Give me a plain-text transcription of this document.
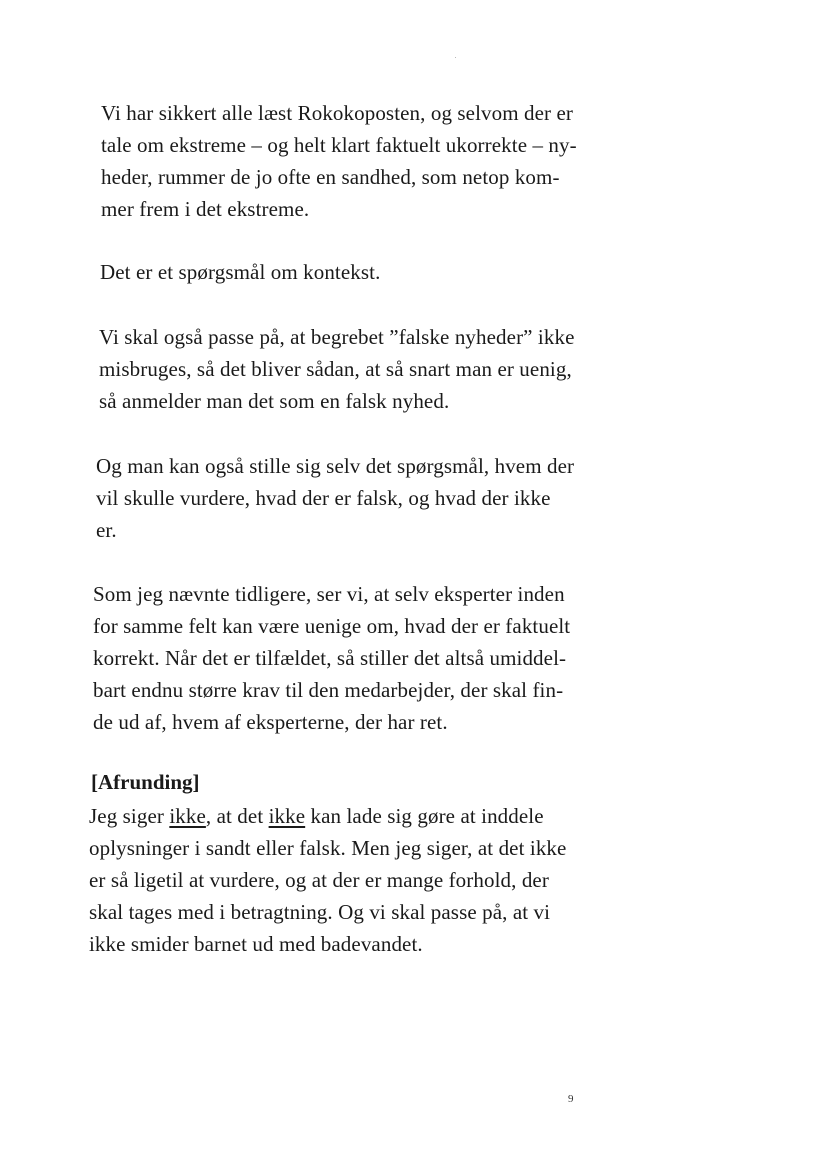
Vi har sikkert alle læst Rokokoposten, og selvom der er
tale om ekstreme – og helt klart faktuelt ukorrekte – ny-
heder, rummer de jo ofte en sandhed, som netop kom-
mer frem i det ekstreme.

Det er et spørgsmål om kontekst.

Vi skal også passe på, at begrebet ”falske nyheder” ikke
misbruges, så det bliver sådan, at så snart man er uenig,
så anmelder man det som en falsk nyhed.

Og man kan også stille sig selv det spørgsmål, hvem der
vil skulle vurdere, hvad der er falsk, og hvad der ikke
er.

Som jeg nævnte tidligere, ser vi, at selv eksperter inden
for samme felt kan være uenige om, hvad der er faktuelt
korrekt. Når det er tilfældet, så stiller det altså umiddel-
bart endnu større krav til den medarbejder, der skal fin-
de ud af, hvem af eksperterne, der har ret.

[Afrunding]

Jeg siger ikke, at det ikke kan lade sig gøre at inddele
oplysninger i sandt eller falsk. Men jeg siger, at det ikke
er så ligetil at vurdere, og at der er mange forhold, der
skal tages med i betragtning. Og vi skal passe på, at vi
ikke smider barnet ud med badevandet.

9
